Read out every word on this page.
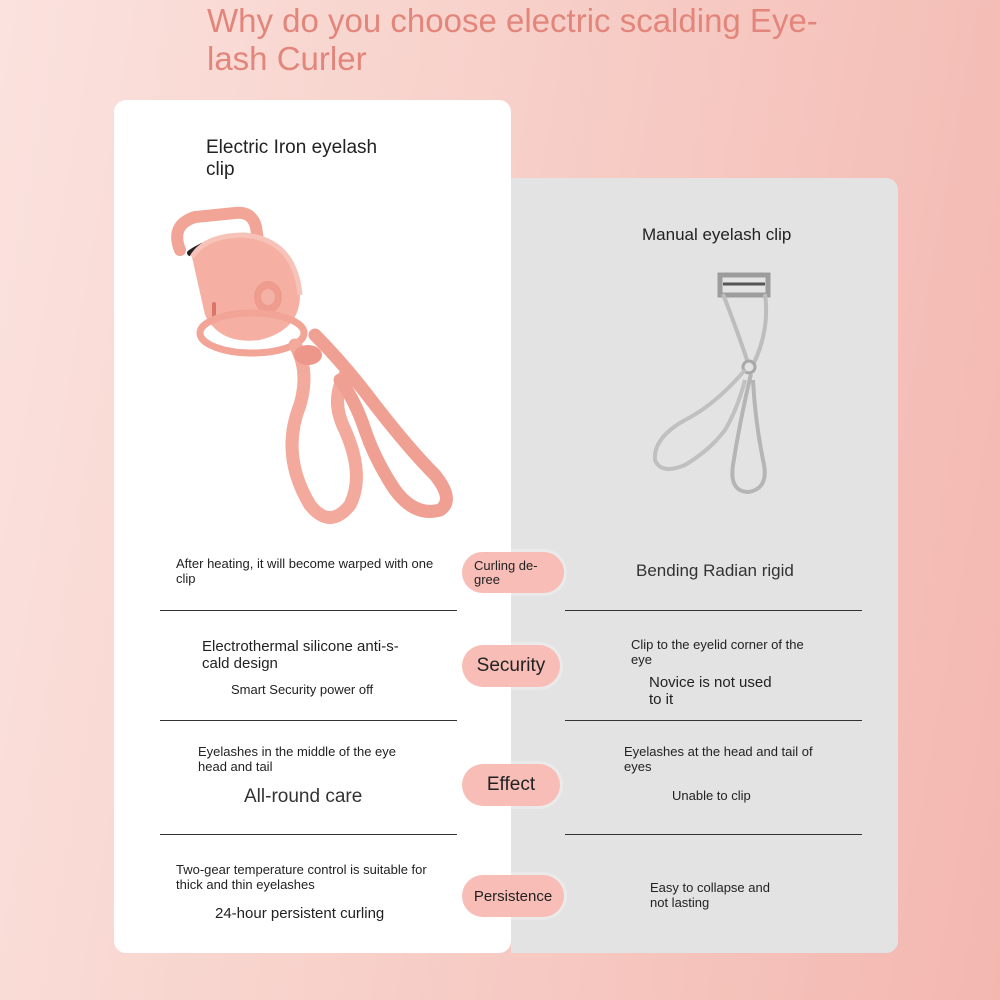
Why do you choose electric scalding Eye-lash Curler
Electric Iron eyelash clip
Manual eyelash clip
After heating, it will become warped with one clip
Curling de-gree	Bending Radian rigid
Electrothermal silicone anti-s-cald design
Smart Security power off
Security
Clip to the eyelid corner of the eye
Novice is not used to it
Eyelashes in the middle of the eye head and tail
All-round care
Effect
Eyelashes at the head and tail of eyes
Unable to clip
Two-gear temperature control is suitable for thick and thin eyelashes
24-hour persistent curling
Persistence	Easy to collapse and not lasting
